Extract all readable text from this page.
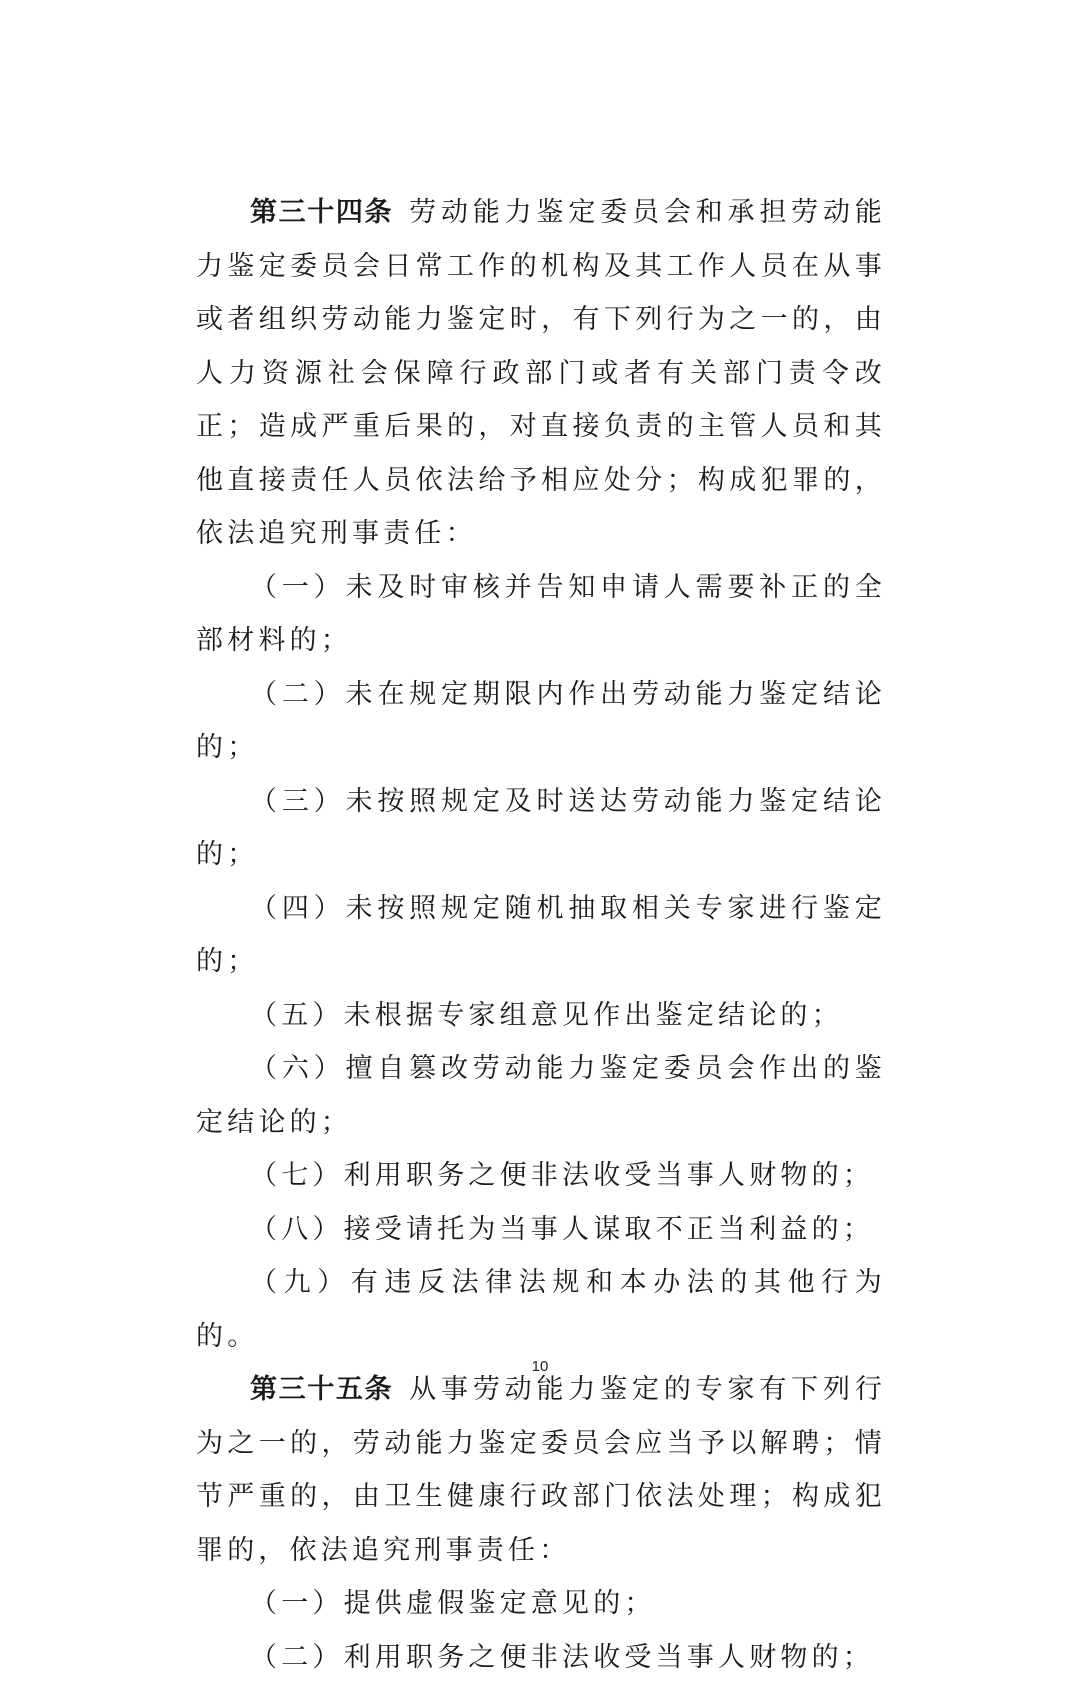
第三十四条 劳动能力鉴定委员会和承担劳动能力鉴定委员会日常工作的机构及其工作人员在从事或者组织劳动能力鉴定时，有下列行为之一的，由人力资源社会保障行政部门或者有关部门责令改正；造成严重后果的，对直接负责的主管人员和其他直接责任人员依法给予相应处分；构成犯罪的，依法追究刑事责任：

（一）未及时审核并告知申请人需要补正的全部材料的；

（二）未在规定期限内作出劳动能力鉴定结论的；

（三）未按照规定及时送达劳动能力鉴定结论的；

（四）未按照规定随机抽取相关专家进行鉴定的；

（五）未根据专家组意见作出鉴定结论的；

（六）擅自篡改劳动能力鉴定委员会作出的鉴定结论的；

（七）利用职务之便非法收受当事人财物的；

（八）接受请托为当事人谋取不正当利益的；

（九）有违反法律法规和本办法的其他行为的。

第三十五条 从事劳动能力鉴定的专家有下列行为之一的，劳动能力鉴定委员会应当予以解聘；情节严重的，由卫生健康行政部门依法处理；构成犯罪的，依法追究刑事责任：

（一）提供虚假鉴定意见的；

（二）利用职务之便非法收受当事人财物的；

10
